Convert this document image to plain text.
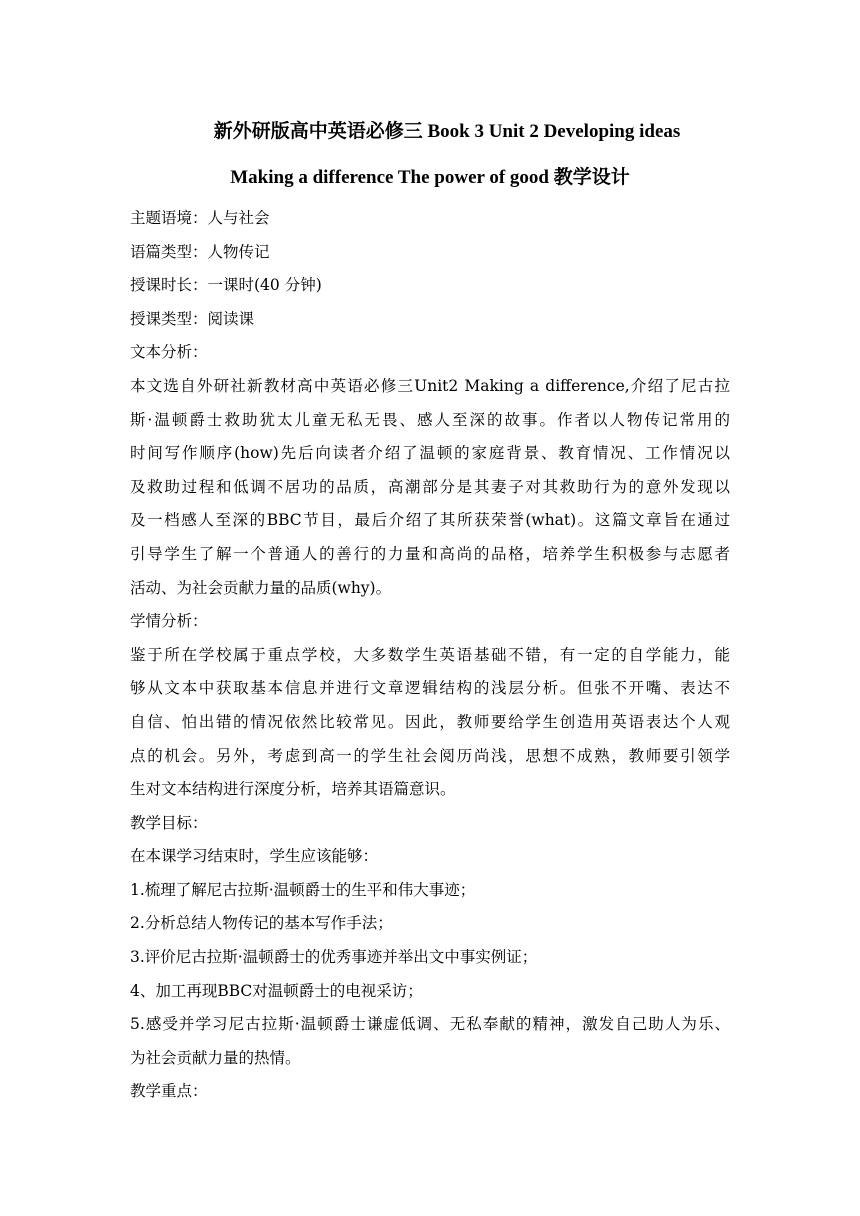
新外研版高中英语必修三 Book 3 Unit 2 Developing ideas
Making a difference The power of good 教学设计
主题语境：人与社会
语篇类型：人物传记
授课时长：一课时(40 分钟)
授课类型：阅读课
文本分析：
本文选自外研社新教材高中英语必修三Unit2 Making a difference,介绍了尼古拉
斯·温顿爵士救助犹太儿童无私无畏、感人至深的故事。作者以人物传记常用的
时间写作顺序(how)先后向读者介绍了温顿的家庭背景、教育情况、工作情况以
及救助过程和低调不居功的品质，高潮部分是其妻子对其救助行为的意外发现以
及一档感人至深的BBC节目，最后介绍了其所获荣誉(what)。这篇文章旨在通过
引导学生了解一个普通人的善行的力量和高尚的品格，培养学生积极参与志愿者
活动、为社会贡献力量的品质(why)。
学情分析：
鉴于所在学校属于重点学校，大多数学生英语基础不错，有一定的自学能力，能
够从文本中获取基本信息并进行文章逻辑结构的浅层分析。但张不开嘴、表达不
自信、怕出错的情况依然比较常见。因此，教师要给学生创造用英语表达个人观
点的机会。另外，考虑到高一的学生社会阅历尚浅，思想不成熟，教师要引领学
生对文本结构进行深度分析，培养其语篇意识。
教学目标：
在本课学习结束时，学生应该能够：
1.梳理了解尼古拉斯·温顿爵士的生平和伟大事迹；
2.分析总结人物传记的基本写作手法；
3.评价尼古拉斯·温顿爵士的优秀事迹并举出文中事实例证；
4、加工再现BBC对温顿爵士的电视采访；
5.感受并学习尼古拉斯·温顿爵士谦虚低调、无私奉献的精神，激发自己助人为乐、
为社会贡献力量的热情。
教学重点：
